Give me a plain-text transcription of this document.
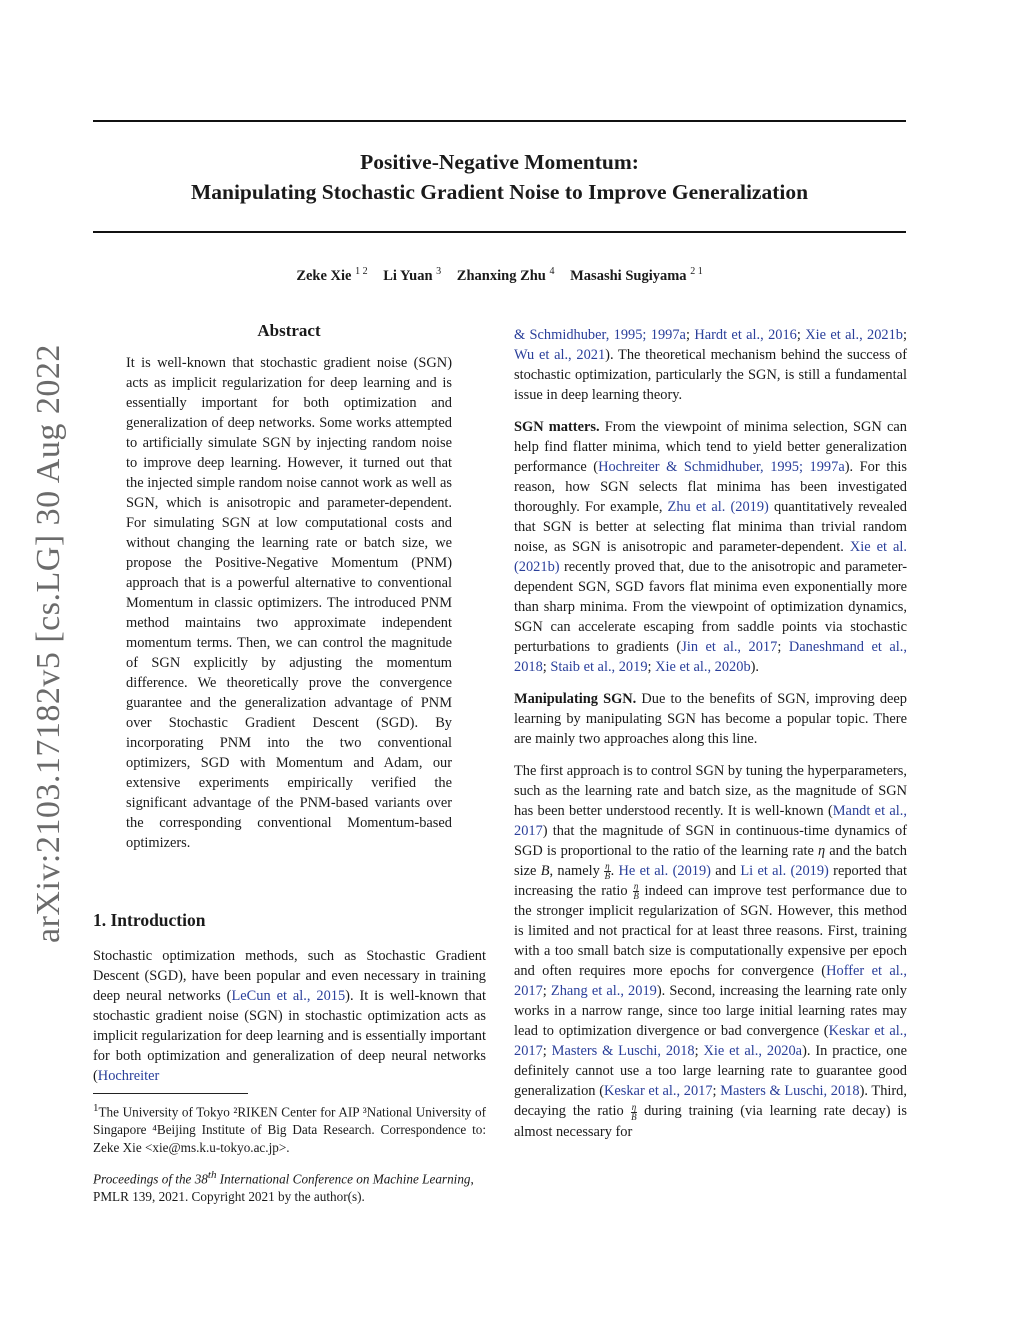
arXiv:2103.17182v5 [cs.LG] 30 Aug 2022
Positive-Negative Momentum:
Manipulating Stochastic Gradient Noise to Improve Generalization
Zeke Xie $^{1 2}$ Li Yuan $^3$ Zhanxing Zhu $^4$ Masashi Sugiyama $^{2 1}$
Abstract
It is well-known that stochastic gradient noise (SGN) acts as implicit regularization for deep learning and is essentially important for both optimization and generalization of deep networks. Some works attempted to artificially simulate SGN by injecting random noise to improve deep learning. However, it turned out that the injected simple random noise cannot work as well as SGN, which is anisotropic and parameter-dependent. For simulating SGN at low computational costs and without changing the learning rate or batch size, we propose the Positive-Negative Momentum (PNM) approach that is a powerful alternative to conventional Momentum in classic optimizers. The introduced PNM method maintains two approximate independent momentum terms. Then, we can control the magnitude of SGN explicitly by adjusting the momentum difference. We theoretically prove the convergence guarantee and the generalization advantage of PNM over Stochastic Gradient Descent (SGD). By incorporating PNM into the two conventional optimizers, SGD with Momentum and Adam, our extensive experiments empirically verified the significant advantage of the PNM-based variants over the corresponding conventional Momentum-based optimizers.
1. Introduction
Stochastic optimization methods, such as Stochastic Gradient Descent (SGD), have been popular and even necessary in training deep neural networks (LeCun et al., 2015). It is well-known that stochastic gradient noise (SGN) in stochastic optimization acts as implicit regularization for deep learning and is essentially important for both optimization and generalization of deep neural networks (Hochreiter
$^1$The University of Tokyo ²RIKEN Center for AIP ³National University of Singapore ⁴Beijing Institute of Big Data Research. Correspondence to: Zeke Xie <xie@ms.k.u-tokyo.ac.jp>.
Proceedings of the 38th International Conference on Machine Learning, PMLR 139, 2021. Copyright 2021 by the author(s).

& Schmidhuber, 1995; 1997a; Hardt et al., 2016; Xie et al., 2021b; Wu et al., 2021). The theoretical mechanism behind the success of stochastic optimization, particularly the SGN, is still a fundamental issue in deep learning theory.

SGN matters. From the viewpoint of minima selection, SGN can help find flatter minima, which tend to yield better generalization performance (Hochreiter & Schmidhuber, 1995; 1997a). For this reason, how SGN selects flat minima has been investigated thoroughly. For example, Zhu et al. (2019) quantitatively revealed that SGN is better at selecting flat minima than trivial random noise, as SGN is anisotropic and parameter-dependent. Xie et al. (2021b) recently proved that, due to the anisotropic and parameter-dependent SGN, SGD favors flat minima even exponentially more than sharp minima. From the viewpoint of optimization dynamics, SGN can accelerate escaping from saddle points via stochastic perturbations to gradients (Jin et al., 2017; Daneshmand et al., 2018; Staib et al., 2019; Xie et al., 2020b).

Manipulating SGN. Due to the benefits of SGN, improving deep learning by manipulating SGN has become a popular topic. There are mainly two approaches along this line.

The first approach is to control SGN by tuning the hyperparameters, such as the learning rate and batch size, as the magnitude of SGN has been better understood recently. It is well-known (Mandt et al., 2017) that the magnitude of SGN in continuous-time dynamics of SGD is proportional to the ratio of the learning rate η and the batch size B, namely $\frac{\eta}{B}$ . He et al. (2019) and Li et al. (2019) reported that increasing the ratio $\frac{\eta}{B}$ indeed can improve test performance due to the stronger implicit regularization of SGN. However, this method is limited and not practical for at least three reasons. First, training with a too small batch size is computationally expensive per epoch and often requires more epochs for convergence (Hoffer et al., 2017; Zhang et al., 2019). Second, increasing the learning rate only works in a narrow range, since too large initial learning rates may lead to optimization divergence or bad convergence (Keskar et al., 2017; Masters & Luschi, 2018; Xie et al., 2020a). In practice, one definitely cannot use a too large learning rate to guarantee good generalization (Keskar et al., 2017; Masters & Luschi, 2018). Third, decaying the ratio $\frac{\eta}{B}$ during training (via learning rate decay) is almost necessary for
